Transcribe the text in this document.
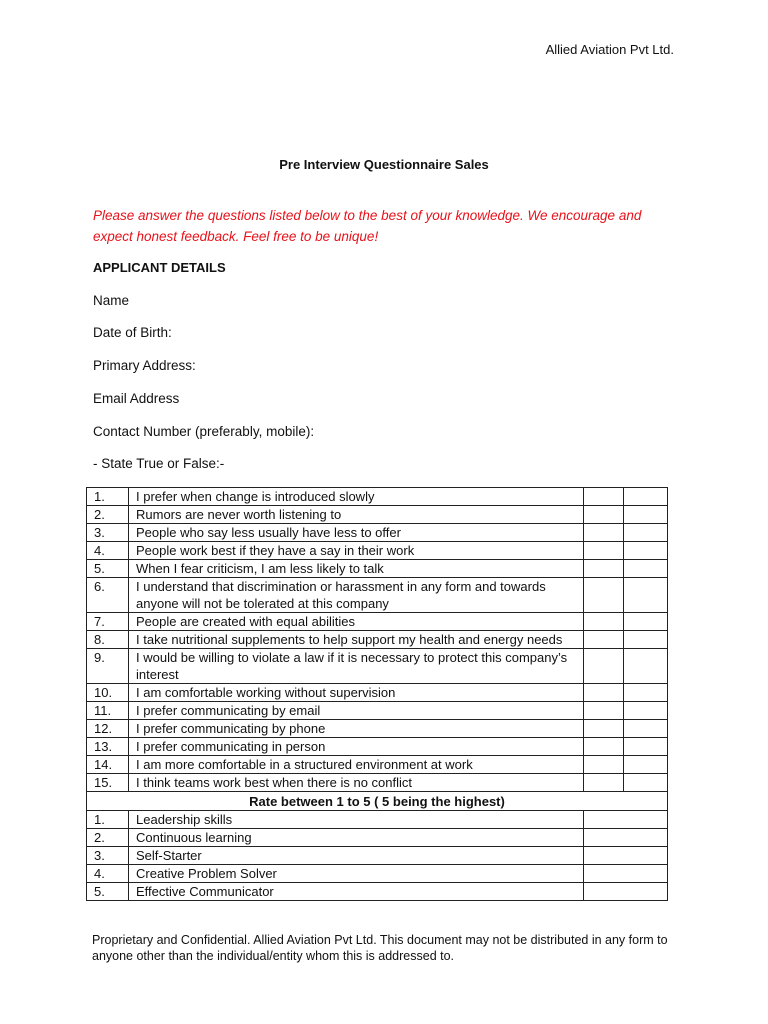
Allied Aviation Pvt Ltd.
Pre Interview Questionnaire Sales
Please answer the questions listed below to the best of your knowledge. We encourage and expect honest feedback. Feel free to be unique!
APPLICANT DETAILS
Name
Date of Birth:
Primary Address:
Email Address
Contact Number (preferably, mobile):
- State True or False:-
1.	I prefer when change is introduced slowly		
2.	Rumors are never worth listening to		
3.	People who say less usually have less to offer		
4.	People work best if they have a say in their work		
5.	When I fear criticism, I am less likely to talk		
6.	I understand that discrimination or harassment in any form and towards anyone will not be tolerated at this company		
7.	People are created with equal abilities		
8.	I take nutritional supplements to help support my health and energy needs		
9.	I would be willing to violate a law if it is necessary to protect this company’s interest		
10.	I am comfortable working without supervision		
11.	I prefer communicating by email		
12.	I prefer communicating by phone		
13.	I prefer communicating in person		
14.	I am more comfortable in a structured environment at work		
15.	I think teams work best when there is no conflict		
Rate between 1 to 5 ( 5 being the highest)			
1.	Leadership skills		
2.	Continuous learning		
3.	Self-Starter		
4.	Creative Problem Solver		
5.	Effective Communicator		
Proprietary and Confidential. Allied Aviation Pvt Ltd. This document may not be distributed in any form to anyone other than the individual/entity whom this is addressed to.
